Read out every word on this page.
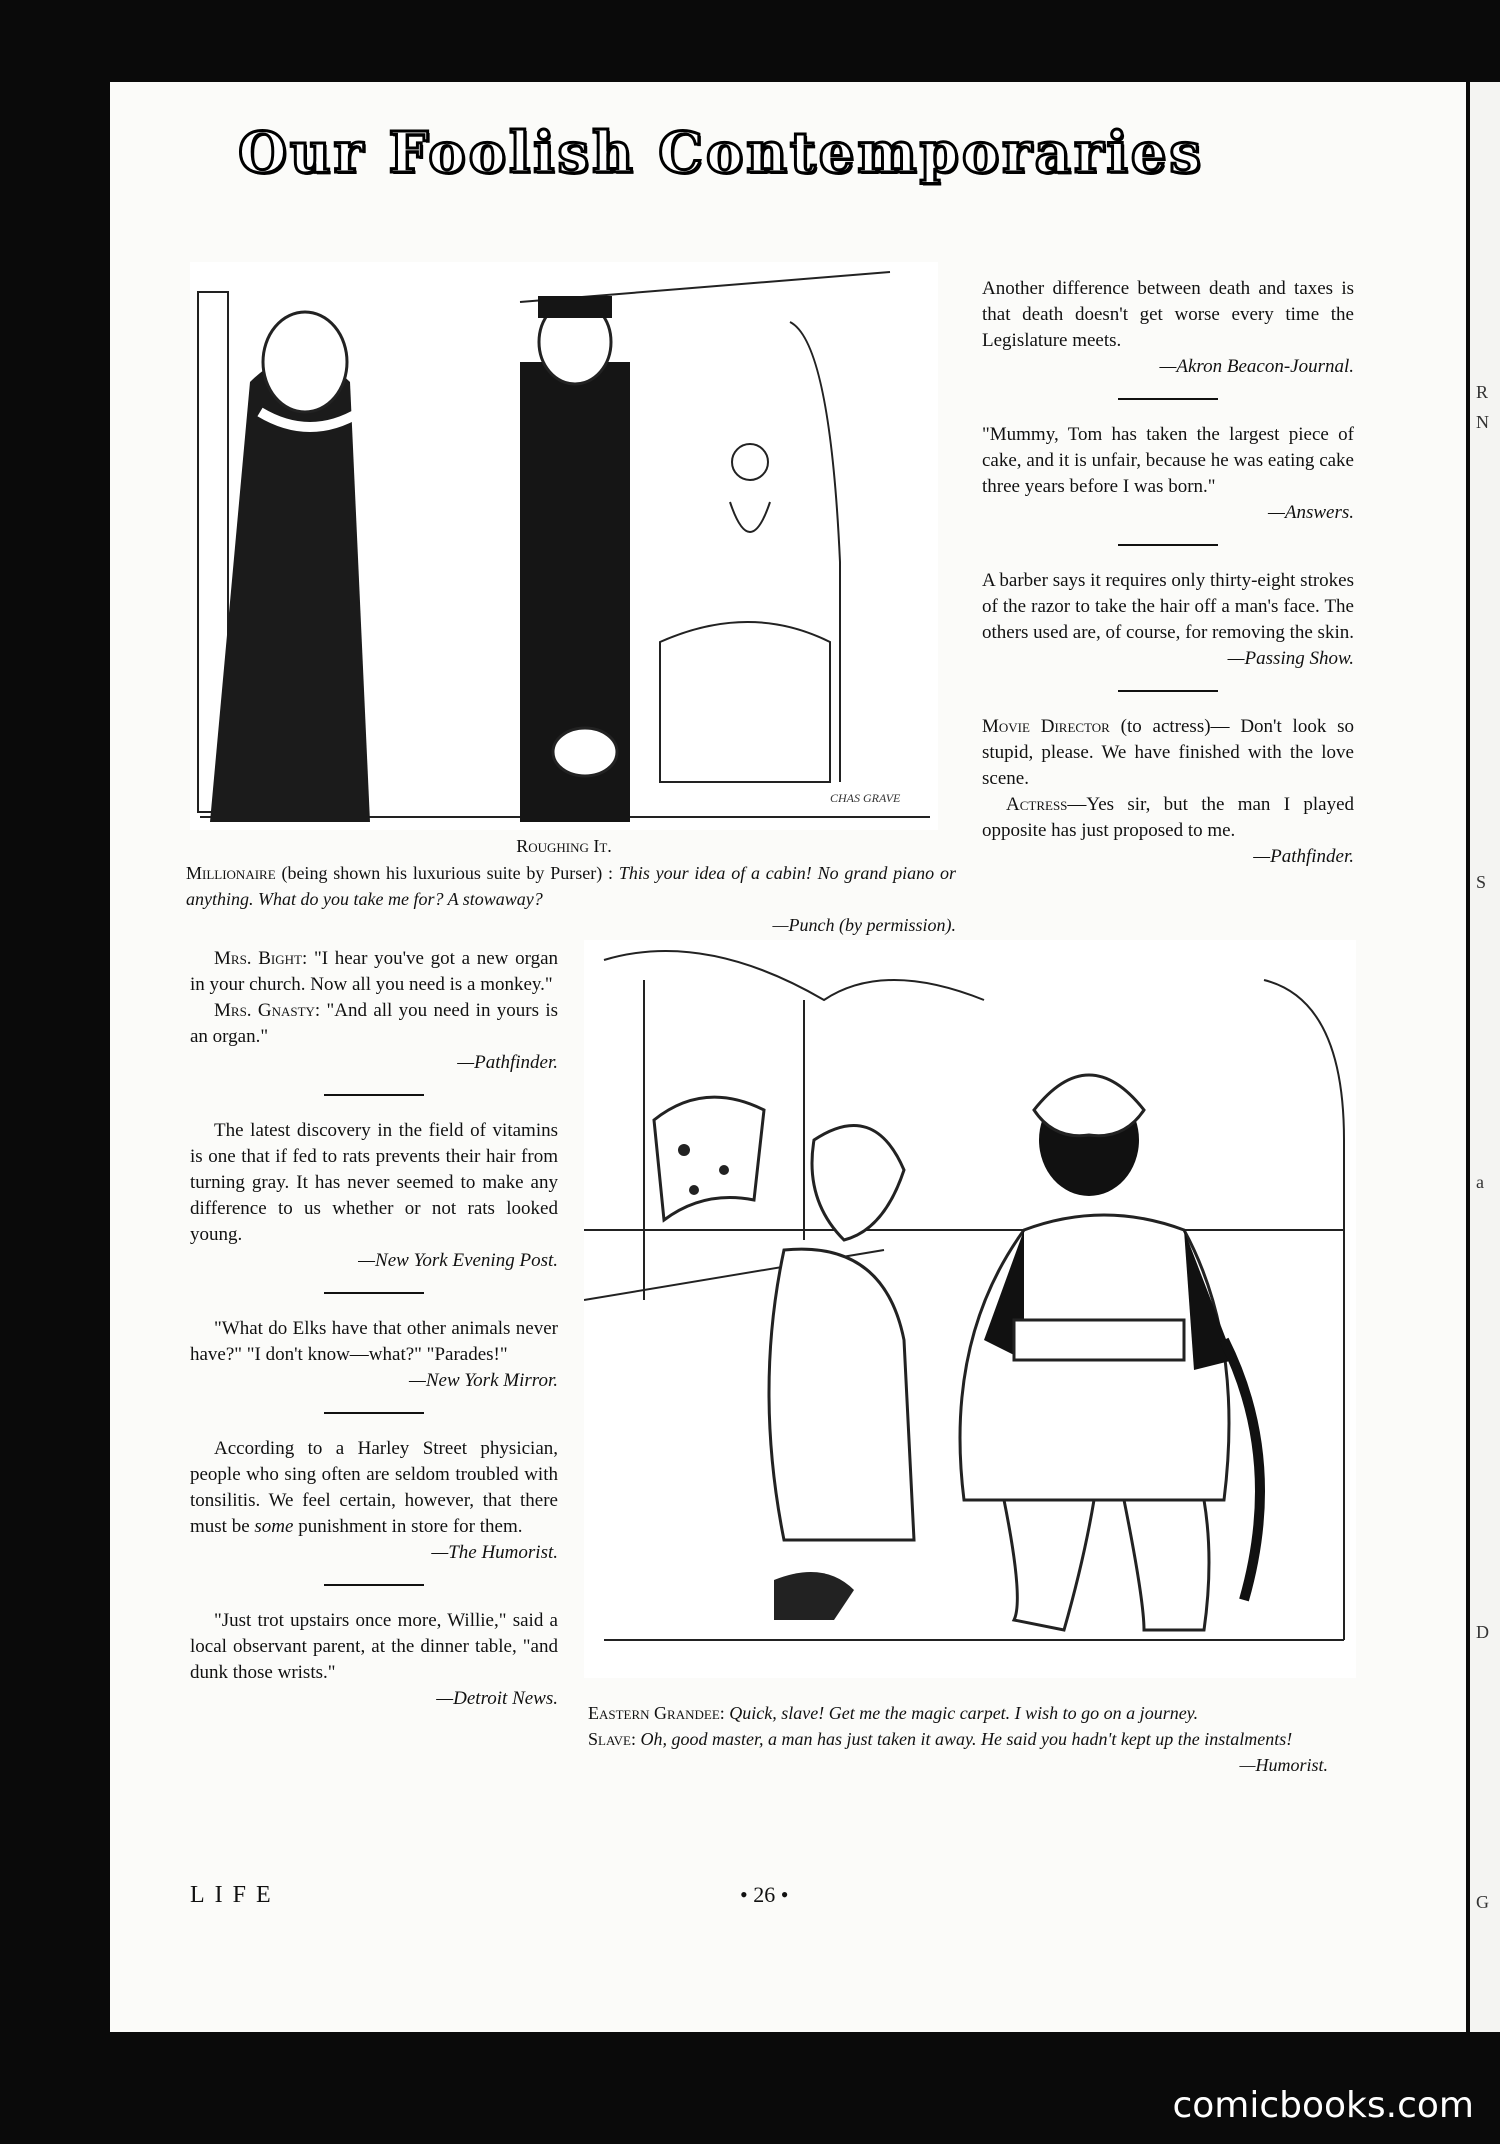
R
N
S
a
D
G
Our Foolish Contemporaries
CHAS GRAVE
Roughing It.
Millionaire (being shown his luxurious suite by Purser) : This your idea of a cabin! No grand piano or anything. What do you take me for? A stowaway?
—Punch (by permission).
Another difference between death and taxes is that death doesn't get worse every time the Legislature meets.
—Akron Beacon-Journal.
"Mummy, Tom has taken the largest piece of cake, and it is unfair, because he was eating cake three years before I was born."
—Answers.
A barber says it requires only thirty-eight strokes of the razor to take the hair off a man's face. The others used are, of course, for removing the skin.
—Passing Show.
Movie Director (to actress)— Don't look so stupid, please. We have finished with the love scene.
Actress—Yes sir, but the man I played opposite has just proposed to me.
—Pathfinder.
Mrs. Bight: "I hear you've got a new organ in your church. Now all you need is a monkey."
Mrs. Gnasty: "And all you need in yours is an organ."
—Pathfinder.
The latest discovery in the field of vitamins is one that if fed to rats prevents their hair from turning gray. It has never seemed to make any difference to us whether or not rats looked young.
—New York Evening Post.
"What do Elks have that other animals never have?" "I don't know—what?" "Parades!"
—New York Mirror.
According to a Harley Street physician, people who sing often are seldom troubled with tonsilitis. We feel certain, however, that there must be some punishment in store for them.
—The Humorist.
"Just trot upstairs once more, Willie," said a local observant parent, at the dinner table, "and dunk those wrists."
—Detroit News.
Eastern Grandee: Quick, slave! Get me the magic carpet. I wish to go on a journey.
Slave: Oh, good master, a man has just taken it away. He said you hadn't kept up the instalments!
—Humorist.
LIFE	• 26 •
comicbooks.com
